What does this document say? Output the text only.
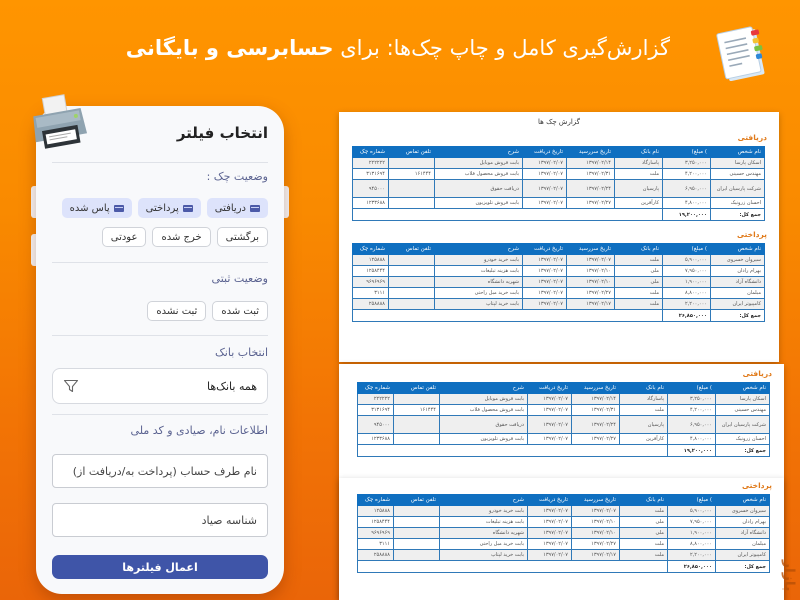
گزارش‌گیری کامل و چاپ چک‌ها: برای حسابرسی و بایگانی
انتخاب فیلتر
وضعیت چک :
دریافتی
پرداختی
پاس شده
برگشتی
خرج شده
عودتی
وضعیت ثبتی
ثبت شده
ثبت نشده
انتخاب بانک
همه بانک‌ها
اطلاعات نام، صیادی و کد ملی
نام طرف حساب (پرداخت به/دریافت از)
شناسه صیاد
اعمال فیلترها
گزارش چک ها
دریافتی
نام شخص	) مبلغ)	نام بانک	تاریخ سررسید	تاریخ دریافت	شرح	تلفن تماس	شماره چک
اسکان پارسا	۳,۲۵۰,۰۰۰	پاسارگاد	۱۳۹۷/۰۲/۱۴	۱۳۹۷/۰۲/۰۷	بابت فروش موبایل		۲۲۲۲۲۲
مهندس حسینی	۴,۲۰۰,۰۰۰	ملت	۱۳۹۷/۰۲/۳۱	۱۳۹۷/۰۲/۰۷	بابت فروش محصول فلاب	۱۶۱۴۴۴	۳۱۳۱۶۹۴
شرکت پارسیان ایران	۶,۹۵۰,۰۰۰	پارسیان	۱۳۹۷/۰۲/۲۴	۱۳۹۷/۰۲/۰۷	دریافت حقوق		۹۴۵۰۰۰
احسان زرونیک	۴,۸۰۰,۰۰۰	کارآفرین	۱۳۹۷/۰۲/۲۷	۱۳۹۷/۰۲/۰۷	بابت فروش تلویزیون		۱۲۳۳۶۸۸
جمع کل:	۱۹,۲۰۰,۰۰۰						
پرداختی
نام شخص	) مبلغ)	نام بانک	تاریخ سررسید	تاریخ دریافت	شرح	تلفن تماس	شماره چک
سیروان خسروی	۵,۹۰۰,۰۰۰	ملت	۱۳۹۷/۰۲/۰۷	۱۳۹۷/۰۲/۰۷	بابت خرید خودرو		۱۲۵۸۸۸
بهرام رادان	۷,۹۵۰,۰۰۰	ملی	۱۳۹۷/۰۲/۱۰	۱۳۹۷/۰۲/۰۷	بابت هزینه تبلیغات		۱۲۵۸۴۴۴
دانشگاه آزاد	۱,۹۰۰,۰۰۰	ملی	۱۳۹۷/۰۲/۱۰	۱۳۹۷/۰۲/۰۷	شهریه دانشگاه		۹۶۹۶۹۶۹
مبلمان	۸,۸۰۰,۰۰۰	ملت	۱۳۹۷/۰۲/۲۷	۱۳۹۷/۰۲/۰۷	بابت خرید مبل راحتی		۳۱۱۱
کامپیوتر ایران	۲,۲۰۰,۰۰۰	ملت	۱۳۹۷/۰۲/۱۷	۱۳۹۷/۰۲/۰۷	بابت خرید لپتاپ		۲۵۸۸۸۸
جمع کل:	۲۶,۸۵۰,۰۰۰						
دریافتی
نام شخص	) مبلغ)	نام بانک	تاریخ سررسید	تاریخ دریافت	شرح	تلفن تماس	شماره چک
اسکان پارسا	۳,۲۵۰,۰۰۰	پاسارگاد	۱۳۹۷/۰۲/۱۴	۱۳۹۷/۰۲/۰۷	بابت فروش موبایل		۲۲۲۲۲۲
مهندس حسینی	۴,۲۰۰,۰۰۰	ملت	۱۳۹۷/۰۲/۳۱	۱۳۹۷/۰۲/۰۷	بابت فروش محصول فلاب	۱۶۱۴۴۴	۳۱۳۱۶۹۴
شرکت پارسیان ایران	۶,۹۵۰,۰۰۰	پارسیان	۱۳۹۷/۰۲/۲۴	۱۳۹۷/۰۲/۰۷	دریافت حقوق		۹۴۵۰۰۰
احسان زرونیک	۴,۸۰۰,۰۰۰	کارآفرین	۱۳۹۷/۰۲/۲۷	۱۳۹۷/۰۲/۰۷	بابت فروش تلویزیون		۱۲۳۳۶۸۸
جمع کل:	۱۹,۲۰۰,۰۰۰						
پرداختی
نام شخص	) مبلغ)	نام بانک	تاریخ سررسید	تاریخ دریافت	شرح	تلفن تماس	شماره چک
سیروان خسروی	۵,۹۰۰,۰۰۰	ملت	۱۳۹۷/۰۲/۰۷	۱۳۹۷/۰۲/۰۷	بابت خرید خودرو		۱۲۵۸۸۸
بهرام رادان	۷,۹۵۰,۰۰۰	ملی	۱۳۹۷/۰۲/۱۰	۱۳۹۷/۰۲/۰۷	بابت هزینه تبلیغات		۱۲۵۸۴۴۴
دانشگاه آزاد	۱,۹۰۰,۰۰۰	ملی	۱۳۹۷/۰۲/۱۰	۱۳۹۷/۰۲/۰۷	شهریه دانشگاه		۹۶۹۶۹۶۹
مبلمان	۸,۸۰۰,۰۰۰	ملت	۱۳۹۷/۰۲/۲۷	۱۳۹۷/۰۲/۰۷	بابت خرید مبل راحتی		۳۱۱۱
کامپیوتر ایران	۲,۲۰۰,۰۰۰	ملت	۱۳۹۷/۰۲/۱۷	۱۳۹۷/۰۲/۰۷	بابت خرید لپتاپ		۲۵۸۸۸۸
جمع کل:	۲۶,۸۵۰,۰۰۰							بازار
